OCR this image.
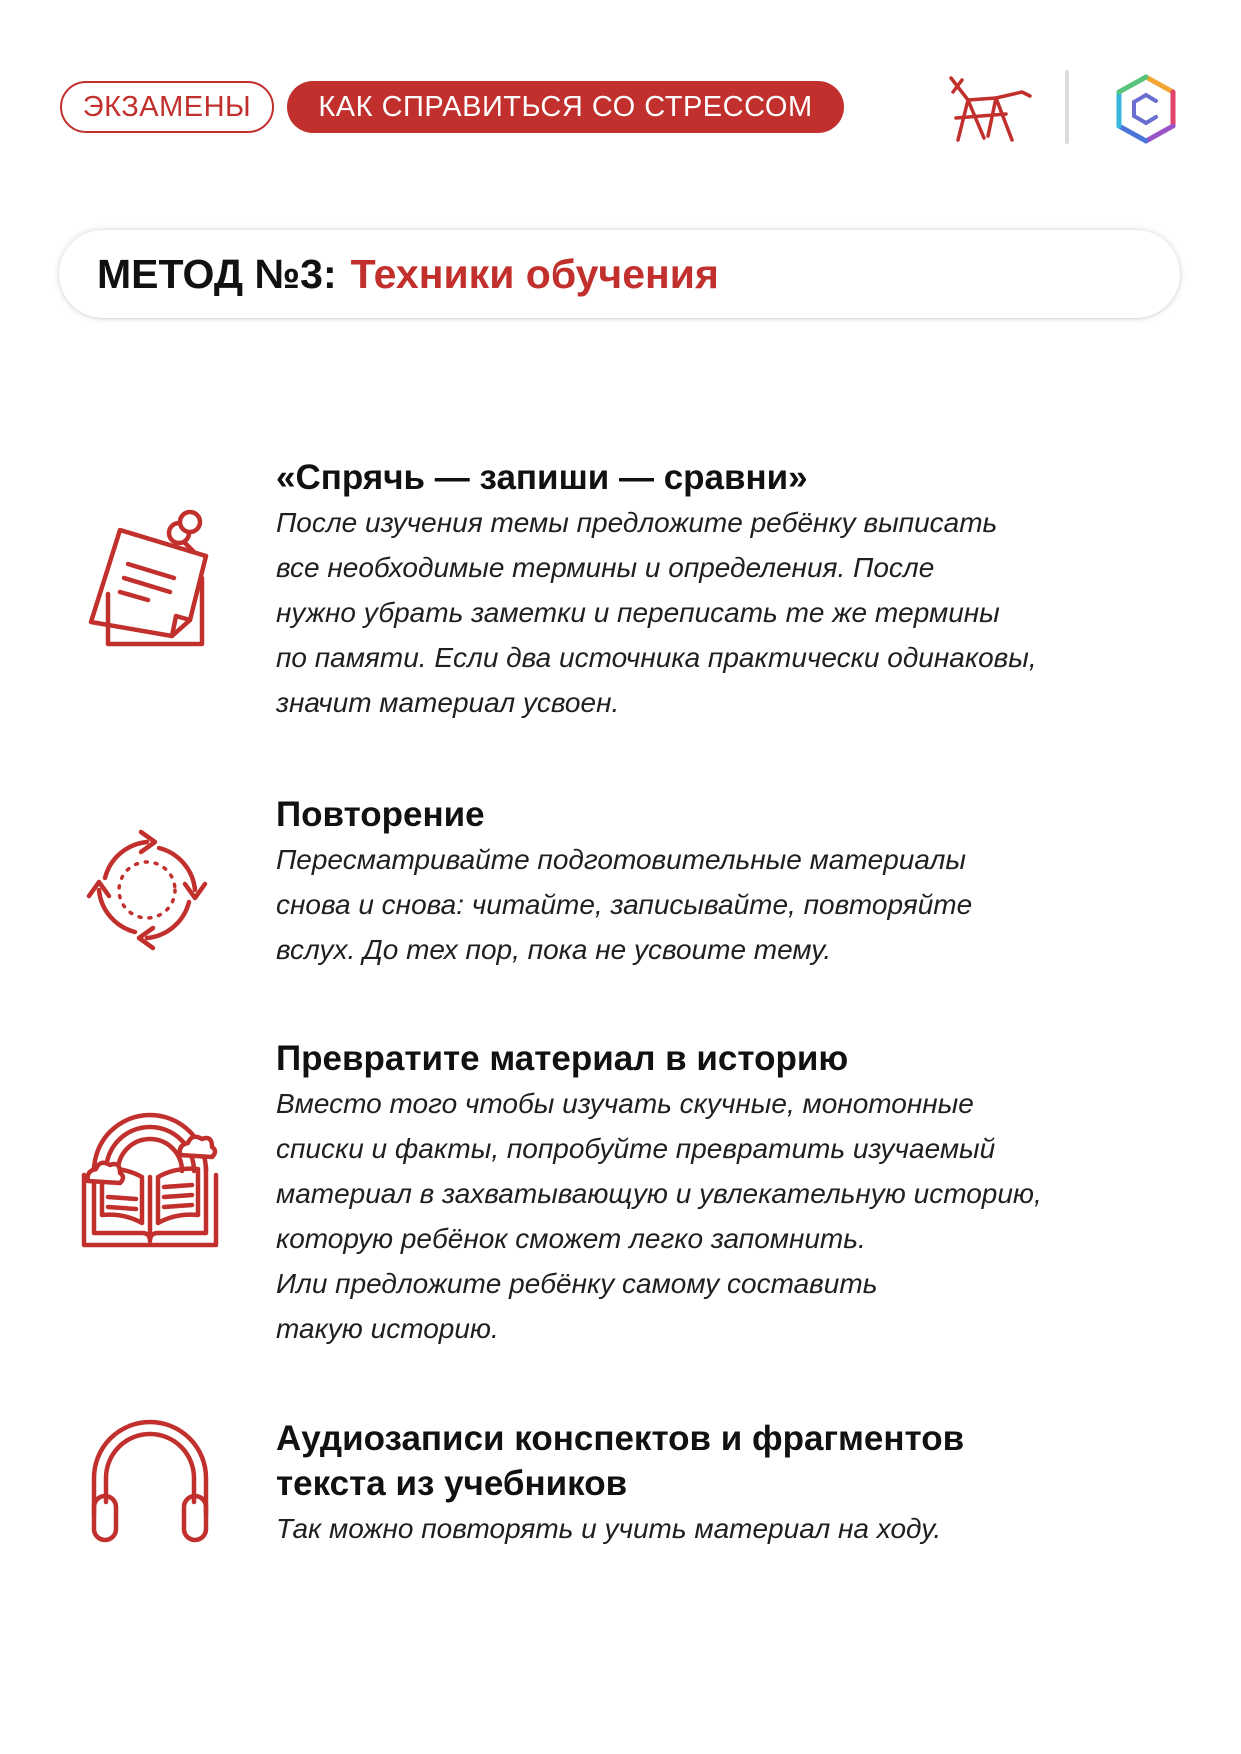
ЭКЗАМЕНЫ	КАК СПРАВИТЬСЯ СО СТРЕССОМ
МЕТОД №3: Техники обучения
«Спрячь — запиши — сравни»

После изучения темы предложите ребёнку выписать
все необходимые термины и определения. После
нужно убрать заметки и переписать те же термины
по памяти. Если два источника практически одинаковы,
значит материал усвоен.

Повторение

Пересматривайте подготовительные материалы
снова и снова: читайте, записывайте, повторяйте
вслух. До тех пор, пока не усвоите тему.

Превратите материал в историю

Вместо того чтобы изучать скучные, монотонные
списки и факты, попробуйте превратить изучаемый
материал в захватывающую и увлекательную историю,
которую ребёнок сможет легко запомнить.
Или предложите ребёнку самому составить
такую историю.

Аудиозаписи конспектов и фрагментов
текста из учебников

Так можно повторять и учить материал на ходу.
